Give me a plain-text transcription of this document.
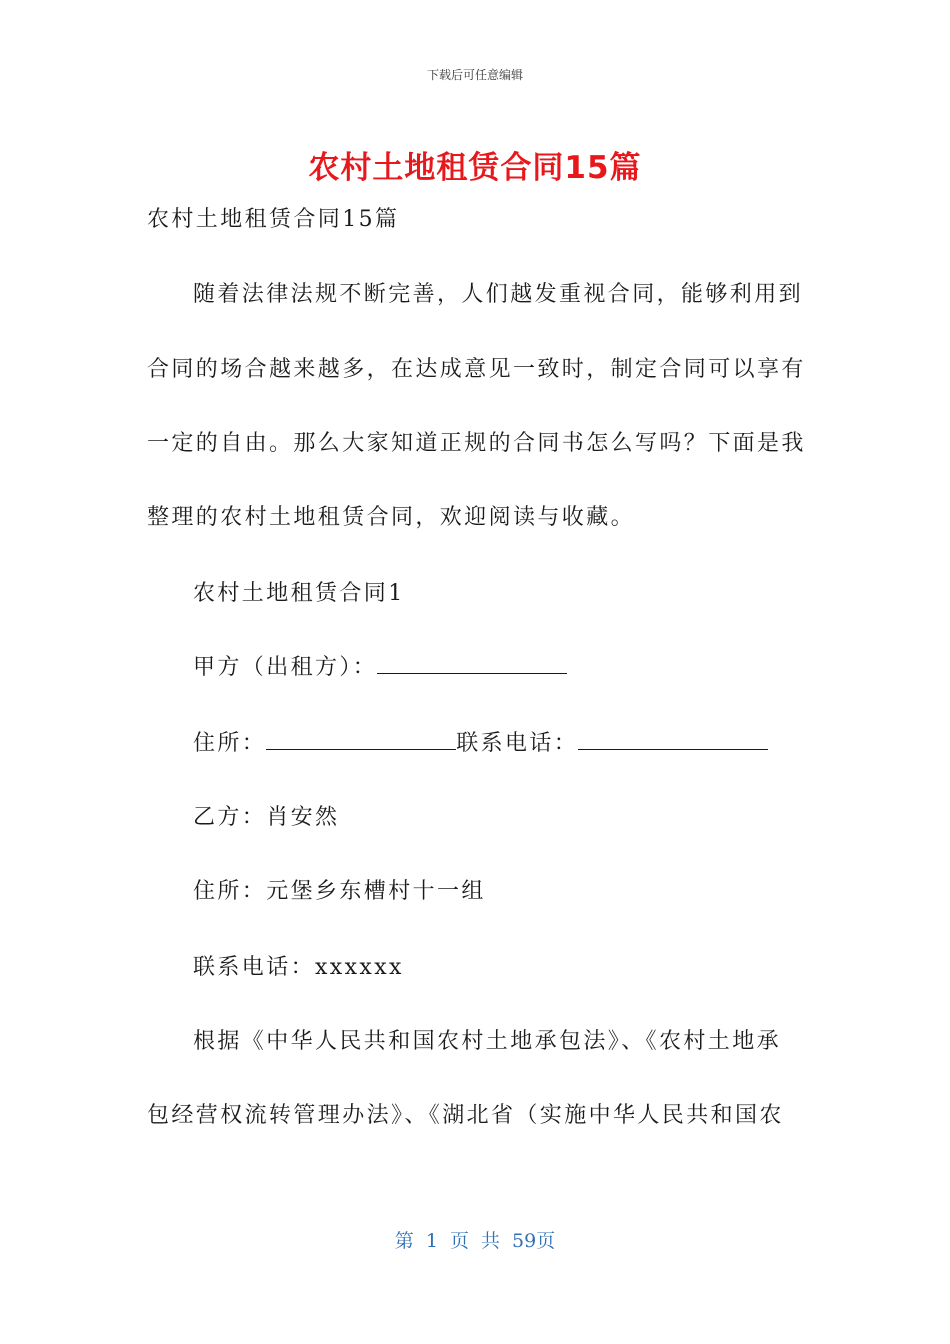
下载后可任意编辑
农村土地租赁合同15篇
农村土地租赁合同15篇
随着法律法规不断完善，人们越发重视合同，能够利用到
合同的场合越来越多，在达成意见一致时，制定合同可以享有
一定的自由。那么大家知道正规的合同书怎么写吗？下面是我
整理的农村土地租赁合同，欢迎阅读与收藏。
农村土地租赁合同1
甲方（出租方）：
住所：	联系电话：
乙方：肖安然
住所：元堡乡东槽村十一组
联系电话：xxxxxx
根据《中华人民共和国农村土地承包法》、《农村土地承
包经营权流转管理办法》、《湖北省（实施中华人民共和国农
第 1 页 共 59页
